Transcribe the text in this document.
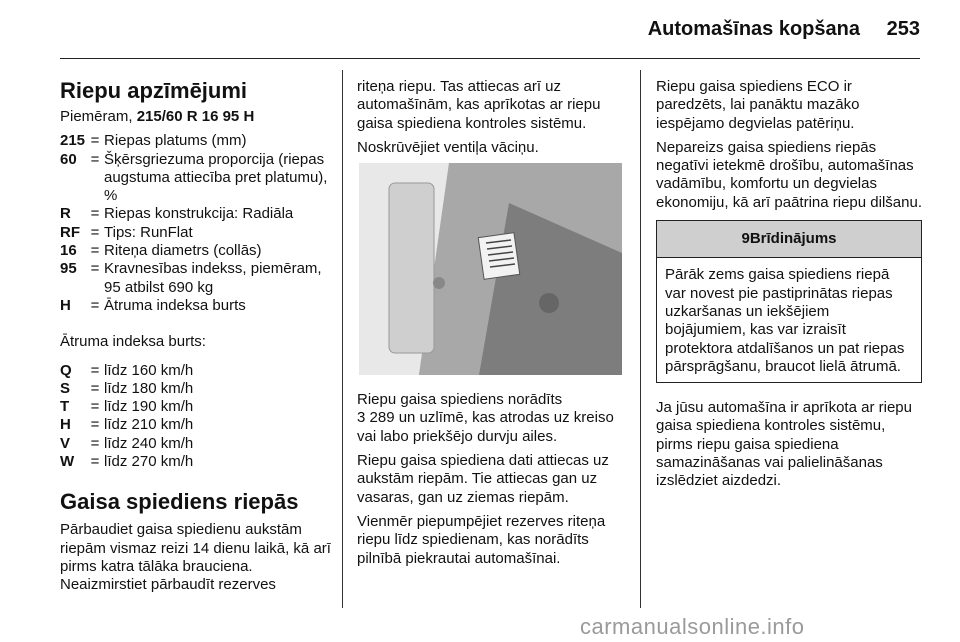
Automašīnas kopšana 253
Riepu apzīmējumi

Piemēram, 215/60 R 16 95 H

215 = Riepas platums (mm)
60 = Šķērsgriezuma proporcija (riepas augstuma attiecība pret platumu), %
R	= Riepas konstrukcija: Radiāla
RF = Tips: RunFlat
16 = Riteņa diametrs (collās)
95 = Kravnesības indekss, piemēram, 95 atbilst 690 kg
H	= Ātruma indeksa burts

Ātruma indeksa burts:

Q	= līdz 160 km/h
S	= līdz 180 km/h
T	= līdz 190 km/h
H	= līdz 210 km/h
V	= līdz 240 km/h
W	= līdz 270 km/h
Gaisa spiediens riepās

Pārbaudiet gaisa spiedienu aukstām riepām vismaz reizi 14 dienu laikā, kā arī pirms katra tālāka brauciena. Neaizmirstiet pārbaudīt rezerves

riteņa riepu. Tas attiecas arī uz automašīnām, kas aprīkotas ar riepu gaisa spiediena kontroles sistēmu.

Noskrūvējiet ventiļa vāciņu.

Riepu gaisa spiediens norādīts

3 289 un uzlīmē, kas atrodas uz kreiso vai labo priekšējo durvju ailes.

Riepu gaisa spiediena dati attiecas uz aukstām riepām. Tie attiecas gan uz vasaras, gan uz ziemas riepām.

Vienmēr piepumpējiet rezerves riteņa riepu līdz spiedienam, kas norādīts pilnībā piekrautai automašīnai.

Riepu gaisa spiediens ECO ir paredzēts, lai panāktu mazāko iespējamo degvielas patēriņu.

Nepareizs gaisa spiediens riepās negatīvi ietekmē drošību, automašīnas vadāmību, komfortu un degvielas ekonomiju, kā arī paātrina riepu dilšanu.

9Brīdinājums
Pārāk zems gaisa spiediens riepā var novest pie pastiprinātas riepas uzkaršanas un iekšējiem bojājumiem, kas var izraisīt protektora atdalīšanos un pat riepas pārsprāgšanu, braucot lielā ātrumā.

Ja jūsu automašīna ir aprīkota ar riepu gaisa spiediena kontroles sistēmu, pirms riepu gaisa spiediena samazināšanas vai palielināšanas izslēdziet aizdedzi.

carmanualsonline.info
